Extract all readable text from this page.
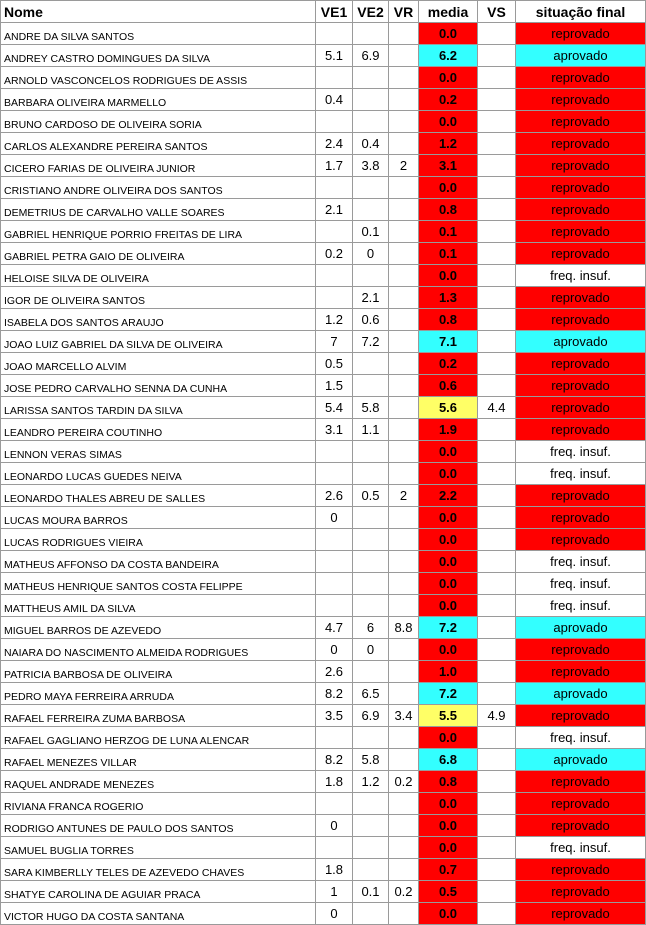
Nome	VE1	VE2	VR	media	VS	situação final
ANDRE DA SILVA SANTOS				0.0		reprovado
ANDREY CASTRO DOMINGUES DA SILVA	5.1	6.9		6.2		aprovado
ARNOLD VASCONCELOS RODRIGUES DE ASSIS				0.0		reprovado
BARBARA OLIVEIRA MARMELLO	0.4			0.2		reprovado
BRUNO CARDOSO DE OLIVEIRA SORIA				0.0		reprovado
CARLOS ALEXANDRE PEREIRA SANTOS	2.4	0.4		1.2		reprovado
CICERO FARIAS DE OLIVEIRA JUNIOR	1.7	3.8	2	3.1		reprovado
CRISTIANO ANDRE OLIVEIRA DOS SANTOS				0.0		reprovado
DEMETRIUS DE CARVALHO VALLE SOARES	2.1			0.8		reprovado
GABRIEL HENRIQUE PORRIO FREITAS DE LIRA		0.1		0.1		reprovado
GABRIEL PETRA GAIO DE OLIVEIRA	0.2	0		0.1		reprovado
HELOISE SILVA DE OLIVEIRA				0.0		freq. insuf.
IGOR DE OLIVEIRA SANTOS		2.1		1.3		reprovado
ISABELA DOS SANTOS ARAUJO	1.2	0.6		0.8		reprovado
JOAO LUIZ GABRIEL DA SILVA DE OLIVEIRA	7	7.2		7.1		aprovado
JOAO MARCELLO ALVIM	0.5			0.2		reprovado
JOSE PEDRO CARVALHO SENNA DA CUNHA	1.5			0.6		reprovado
LARISSA SANTOS TARDIN DA SILVA	5.4	5.8		5.6	4.4	reprovado
LEANDRO PEREIRA COUTINHO	3.1	1.1		1.9		reprovado
LENNON VERAS SIMAS				0.0		freq. insuf.
LEONARDO LUCAS GUEDES NEIVA				0.0		freq. insuf.
LEONARDO THALES ABREU DE SALLES	2.6	0.5	2	2.2		reprovado
LUCAS MOURA BARROS	0			0.0		reprovado
LUCAS RODRIGUES VIEIRA				0.0		reprovado
MATHEUS AFFONSO DA COSTA BANDEIRA				0.0		freq. insuf.
MATHEUS HENRIQUE SANTOS COSTA FELIPPE				0.0		freq. insuf.
MATTHEUS AMIL DA SILVA				0.0		freq. insuf.
MIGUEL BARROS DE AZEVEDO	4.7	6	8.8	7.2		aprovado
NAIARA DO NASCIMENTO ALMEIDA RODRIGUES	0	0		0.0		reprovado
PATRICIA BARBOSA DE OLIVEIRA	2.6			1.0		reprovado
PEDRO MAYA FERREIRA ARRUDA	8.2	6.5		7.2		aprovado
RAFAEL FERREIRA ZUMA BARBOSA	3.5	6.9	3.4	5.5	4.9	reprovado
RAFAEL GAGLIANO HERZOG DE LUNA ALENCAR				0.0		freq. insuf.
RAFAEL MENEZES VILLAR	8.2	5.8		6.8		aprovado
RAQUEL ANDRADE MENEZES	1.8	1.2	0.2	0.8		reprovado
RIVIANA FRANCA ROGERIO				0.0		reprovado
RODRIGO ANTUNES DE PAULO DOS SANTOS	0			0.0		reprovado
SAMUEL BUGLIA TORRES				0.0		freq. insuf.
SARA KIMBERLLY TELES DE AZEVEDO CHAVES	1.8			0.7		reprovado
SHATYE CAROLINA DE AGUIAR PRACA	1	0.1	0.2	0.5		reprovado
VICTOR HUGO DA COSTA SANTANA	0			0.0		reprovado
